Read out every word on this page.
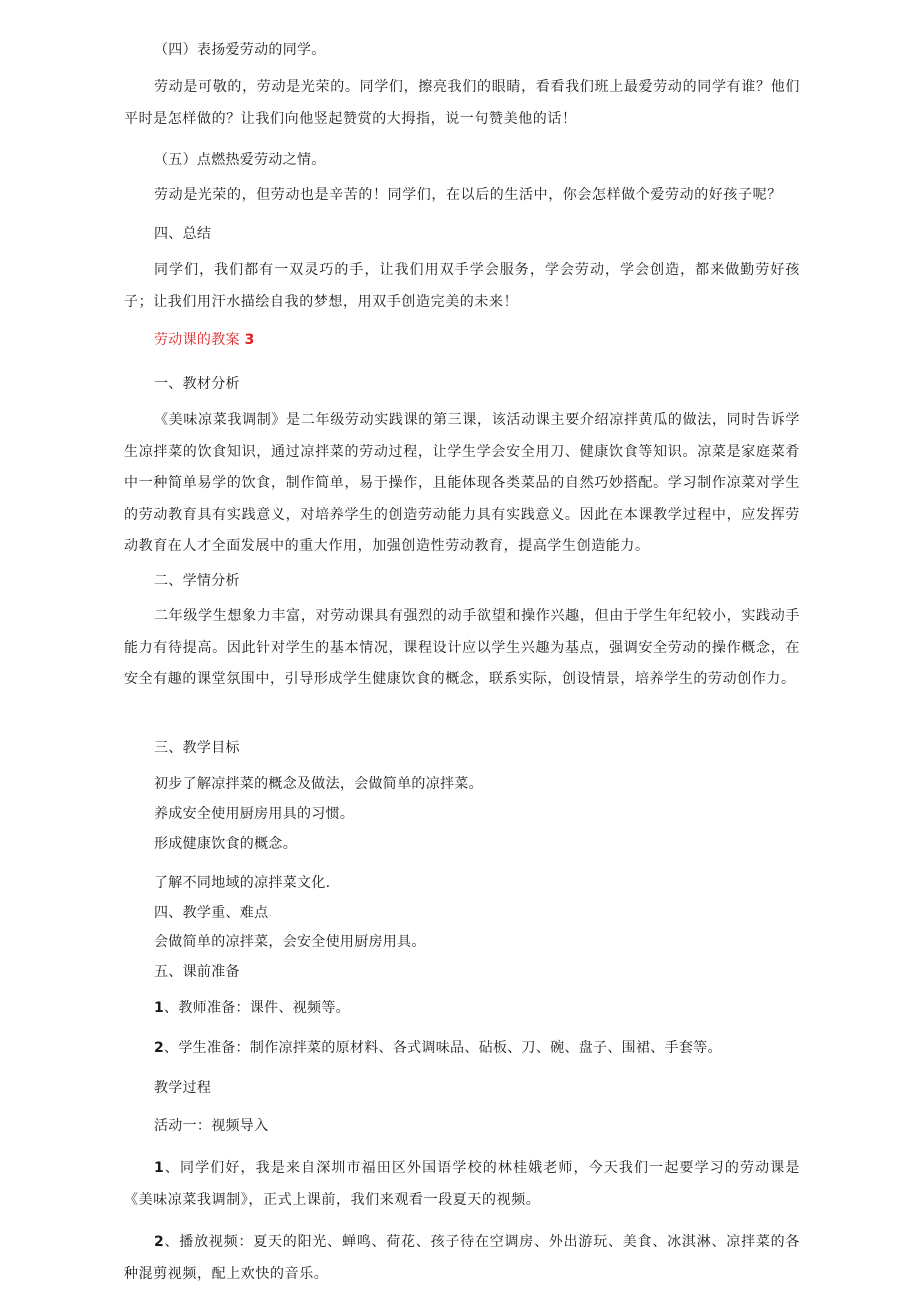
（四）表扬爱劳动的同学。

劳动是可敬的，劳动是光荣的。同学们，擦亮我们的眼睛，看看我们班上最爱劳动的同学有谁？他们平时是怎样做的？让我们向他竖起赞赏的大拇指，说一句赞美他的话！

（五）点燃热爱劳动之情。

劳动是光荣的，但劳动也是辛苦的！同学们，在以后的生活中，你会怎样做个爱劳动的好孩子呢？

四、总结

同学们，我们都有一双灵巧的手，让我们用双手学会服务，学会劳动，学会创造，都来做勤劳好孩子；让我们用汗水描绘自我的梦想，用双手创造完美的未来！

劳动课的教案 3
一、教材分析

《美味凉菜我调制》是二年级劳动实践课的第三课，该活动课主要介绍凉拌黄瓜的做法，同时告诉学生凉拌菜的饮食知识，通过凉拌菜的劳动过程，让学生学会安全用刀、健康饮食等知识。凉菜是家庭菜肴中一种简单易学的饮食，制作简单，易于操作，且能体现各类菜品的自然巧妙搭配。学习制作凉菜对学生的劳动教育具有实践意义，对培养学生的创造劳动能力具有实践意义。因此在本课教学过程中，应发挥劳动教育在人才全面发展中的重大作用，加强创造性劳动教育，提高学生创造能力。

二、学情分析

二年级学生想象力丰富，对劳动课具有强烈的动手欲望和操作兴趣，但由于学生年纪较小，实践动手能力有待提高。因此针对学生的基本情况，课程设计应以学生兴趣为基点，强调安全劳动的操作概念，在安全有趣的课堂氛围中，引导形成学生健康饮食的概念，联系实际，创设情景，培养学生的劳动创作力。

三、教学目标
初步了解凉拌菜的概念及做法，会做简单的凉拌菜。
养成安全使用厨房用具的习惯。
形成健康饮食的概念。
了解不同地域的凉拌菜文化.
四、教学重、难点
会做简单的凉拌菜，会安全使用厨房用具。
五、课前准备
1、教师准备：课件、视频等。
2、学生准备：制作凉拌菜的原材料、各式调味品、砧板、刀、碗、盘子、围裙、手套等。
教学过程
活动一：视频导入

1、同学们好，我是来自深圳市福田区外国语学校的林桂娥老师，今天我们一起要学习的劳动课是《美味凉菜我调制》，正式上课前，我们来观看一段夏天的视频。

2、播放视频：夏天的阳光、蝉鸣、荷花、孩子待在空调房、外出游玩、美食、冰淇淋、凉拌菜的各种混剪视频，配上欢快的音乐。
